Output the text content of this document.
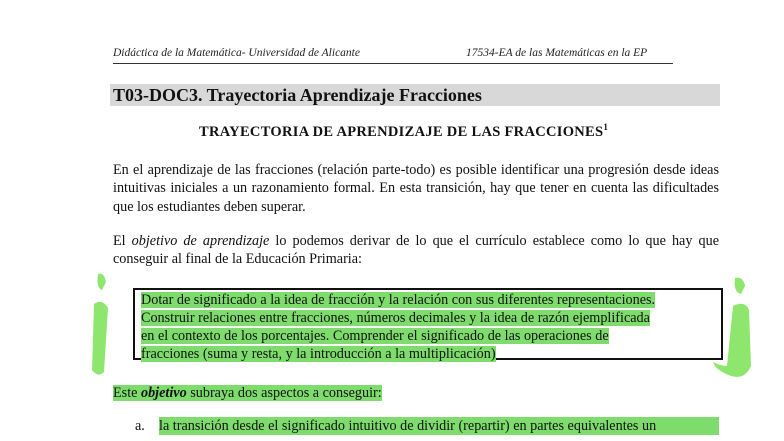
Didáctica de la Matemática- Universidad de Alicante	17534-EA de las Matemáticas en la EP
T03-DOC3. Trayectoria Aprendizaje Fracciones
TRAYECTORIA DE APRENDIZAJE DE LAS FRACCIONES$^1$
En el aprendizaje de las fracciones (relación parte-todo) es posible identificar una progresión desde ideas intuitivas iniciales a un razonamiento formal. En esta transición, hay que tener en cuenta las dificultades que los estudiantes deben superar.
El objetivo de aprendizaje lo podemos derivar de lo que el currículo establece como lo que hay que conseguir al final de la Educación Primaria:
Dotar de significado a la idea de fracción y la relación con sus diferentes representaciones.
Construir relaciones entre fracciones, números decimales y la idea de razón ejemplificada
en el contexto de los porcentajes. Comprender el significado de las operaciones de
fracciones (suma y resta, y la introducción a la multiplicación)
Este objetivo subraya dos aspectos a conseguir:
a. la transición desde el significado intuitivo de dividir (repartir) en partes equivalentes un
